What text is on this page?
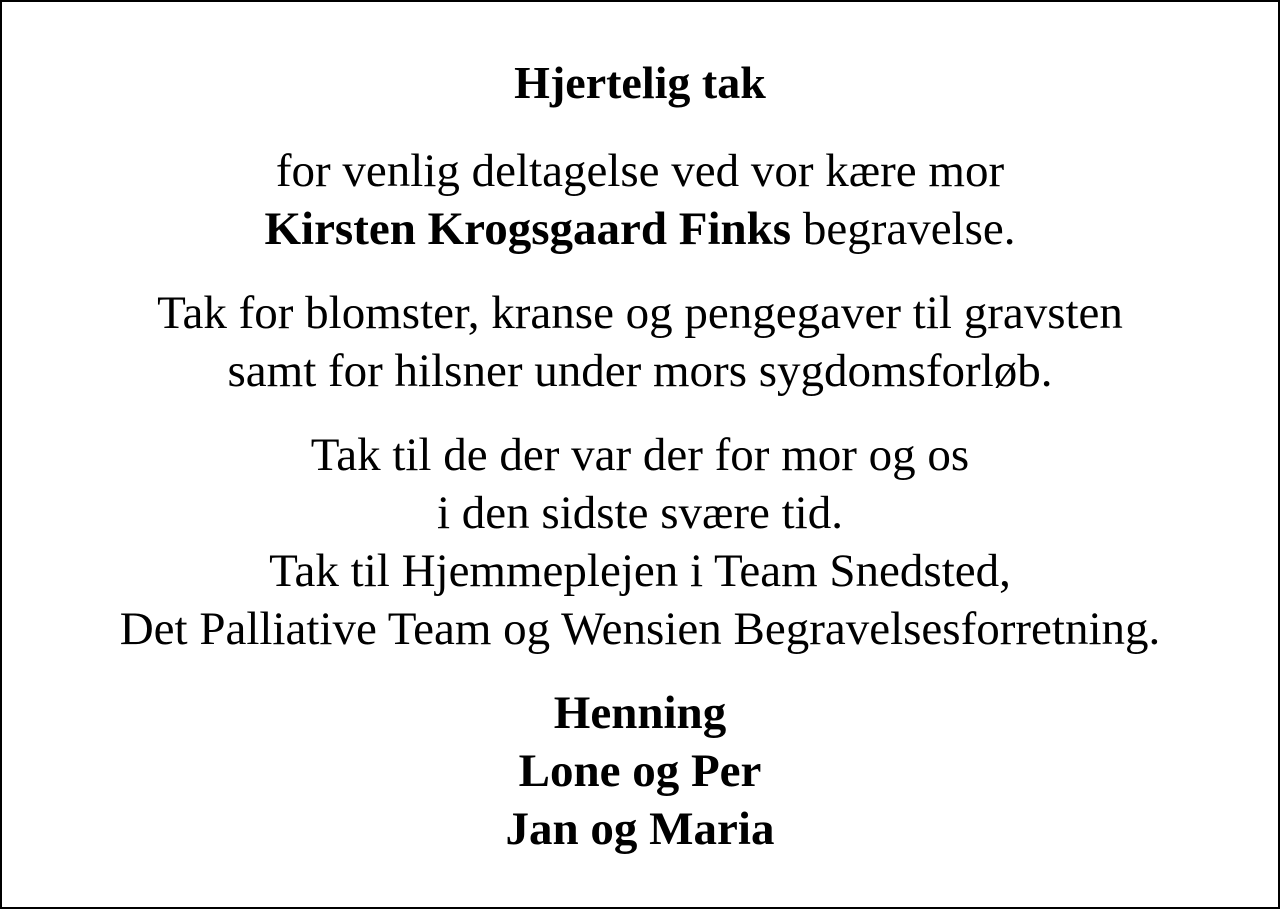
Hjertelig tak
for venlig deltagelse ved vor kære mor
Kirsten Krogsgaard Finks begravelse.
Tak for blomster, kranse og pengegaver til gravsten
samt for hilsner under mors sygdomsforløb.
Tak til de der var der for mor og os
i den sidste svære tid.
Tak til Hjemmeplejen i Team Snedsted,
Det Palliative Team og Wensien Begravelsesforretning.
Henning
Lone og Per
Jan og Maria
